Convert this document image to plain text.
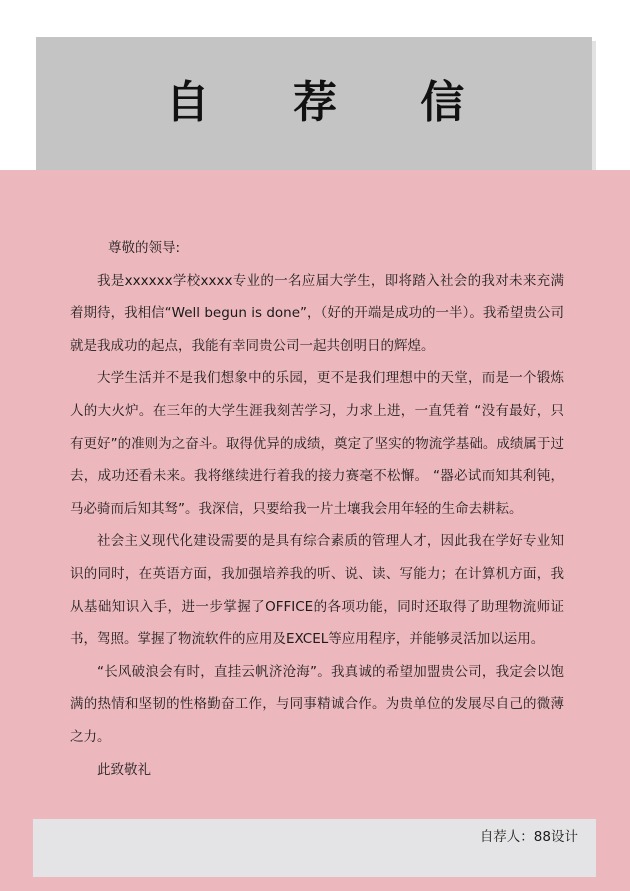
自 荐 信

尊敬的领导:

我是xxxxxx学校xxxx专业的一名应届大学生，即将踏入社会的我对未来充满着期待，我相信“Well begun is done”，（好的开端是成功的一半）。我希望贵公司就是我成功的起点，我能有幸同贵公司一起共创明日的辉煌。

大学生活并不是我们想象中的乐园，更不是我们理想中的天堂，而是一个锻炼人的大火炉。在三年的大学生涯我刻苦学习，力求上进，一直凭着 “没有最好，只有更好”的准则为之奋斗。取得优异的成绩，奠定了坚实的物流学基础。成绩属于过去，成功还看未来。我将继续进行着我的接力赛毫不松懈。 “器必试而知其利钝，马必骑而后知其驽”。我深信，只要给我一片土壤我会用年轻的生命去耕耘。

社会主义现代化建设需要的是具有综合素质的管理人才，因此我在学好专业知识的同时，在英语方面，我加强培养我的听、说、读、写能力；在计算机方面，我从基础知识入手，进一步掌握了OFFICE的各项功能，同时还取得了助理物流师证书，驾照。掌握了物流软件的应用及EXCEL等应用程序，并能够灵活加以运用。

“长风破浪会有时，直挂云帆济沧海”。我真诚的希望加盟贵公司，我定会以饱满的热情和坚韧的性格勤奋工作，与同事精诚合作。为贵单位的发展尽自己的微薄之力。

此致敬礼

自荐人：88设计
